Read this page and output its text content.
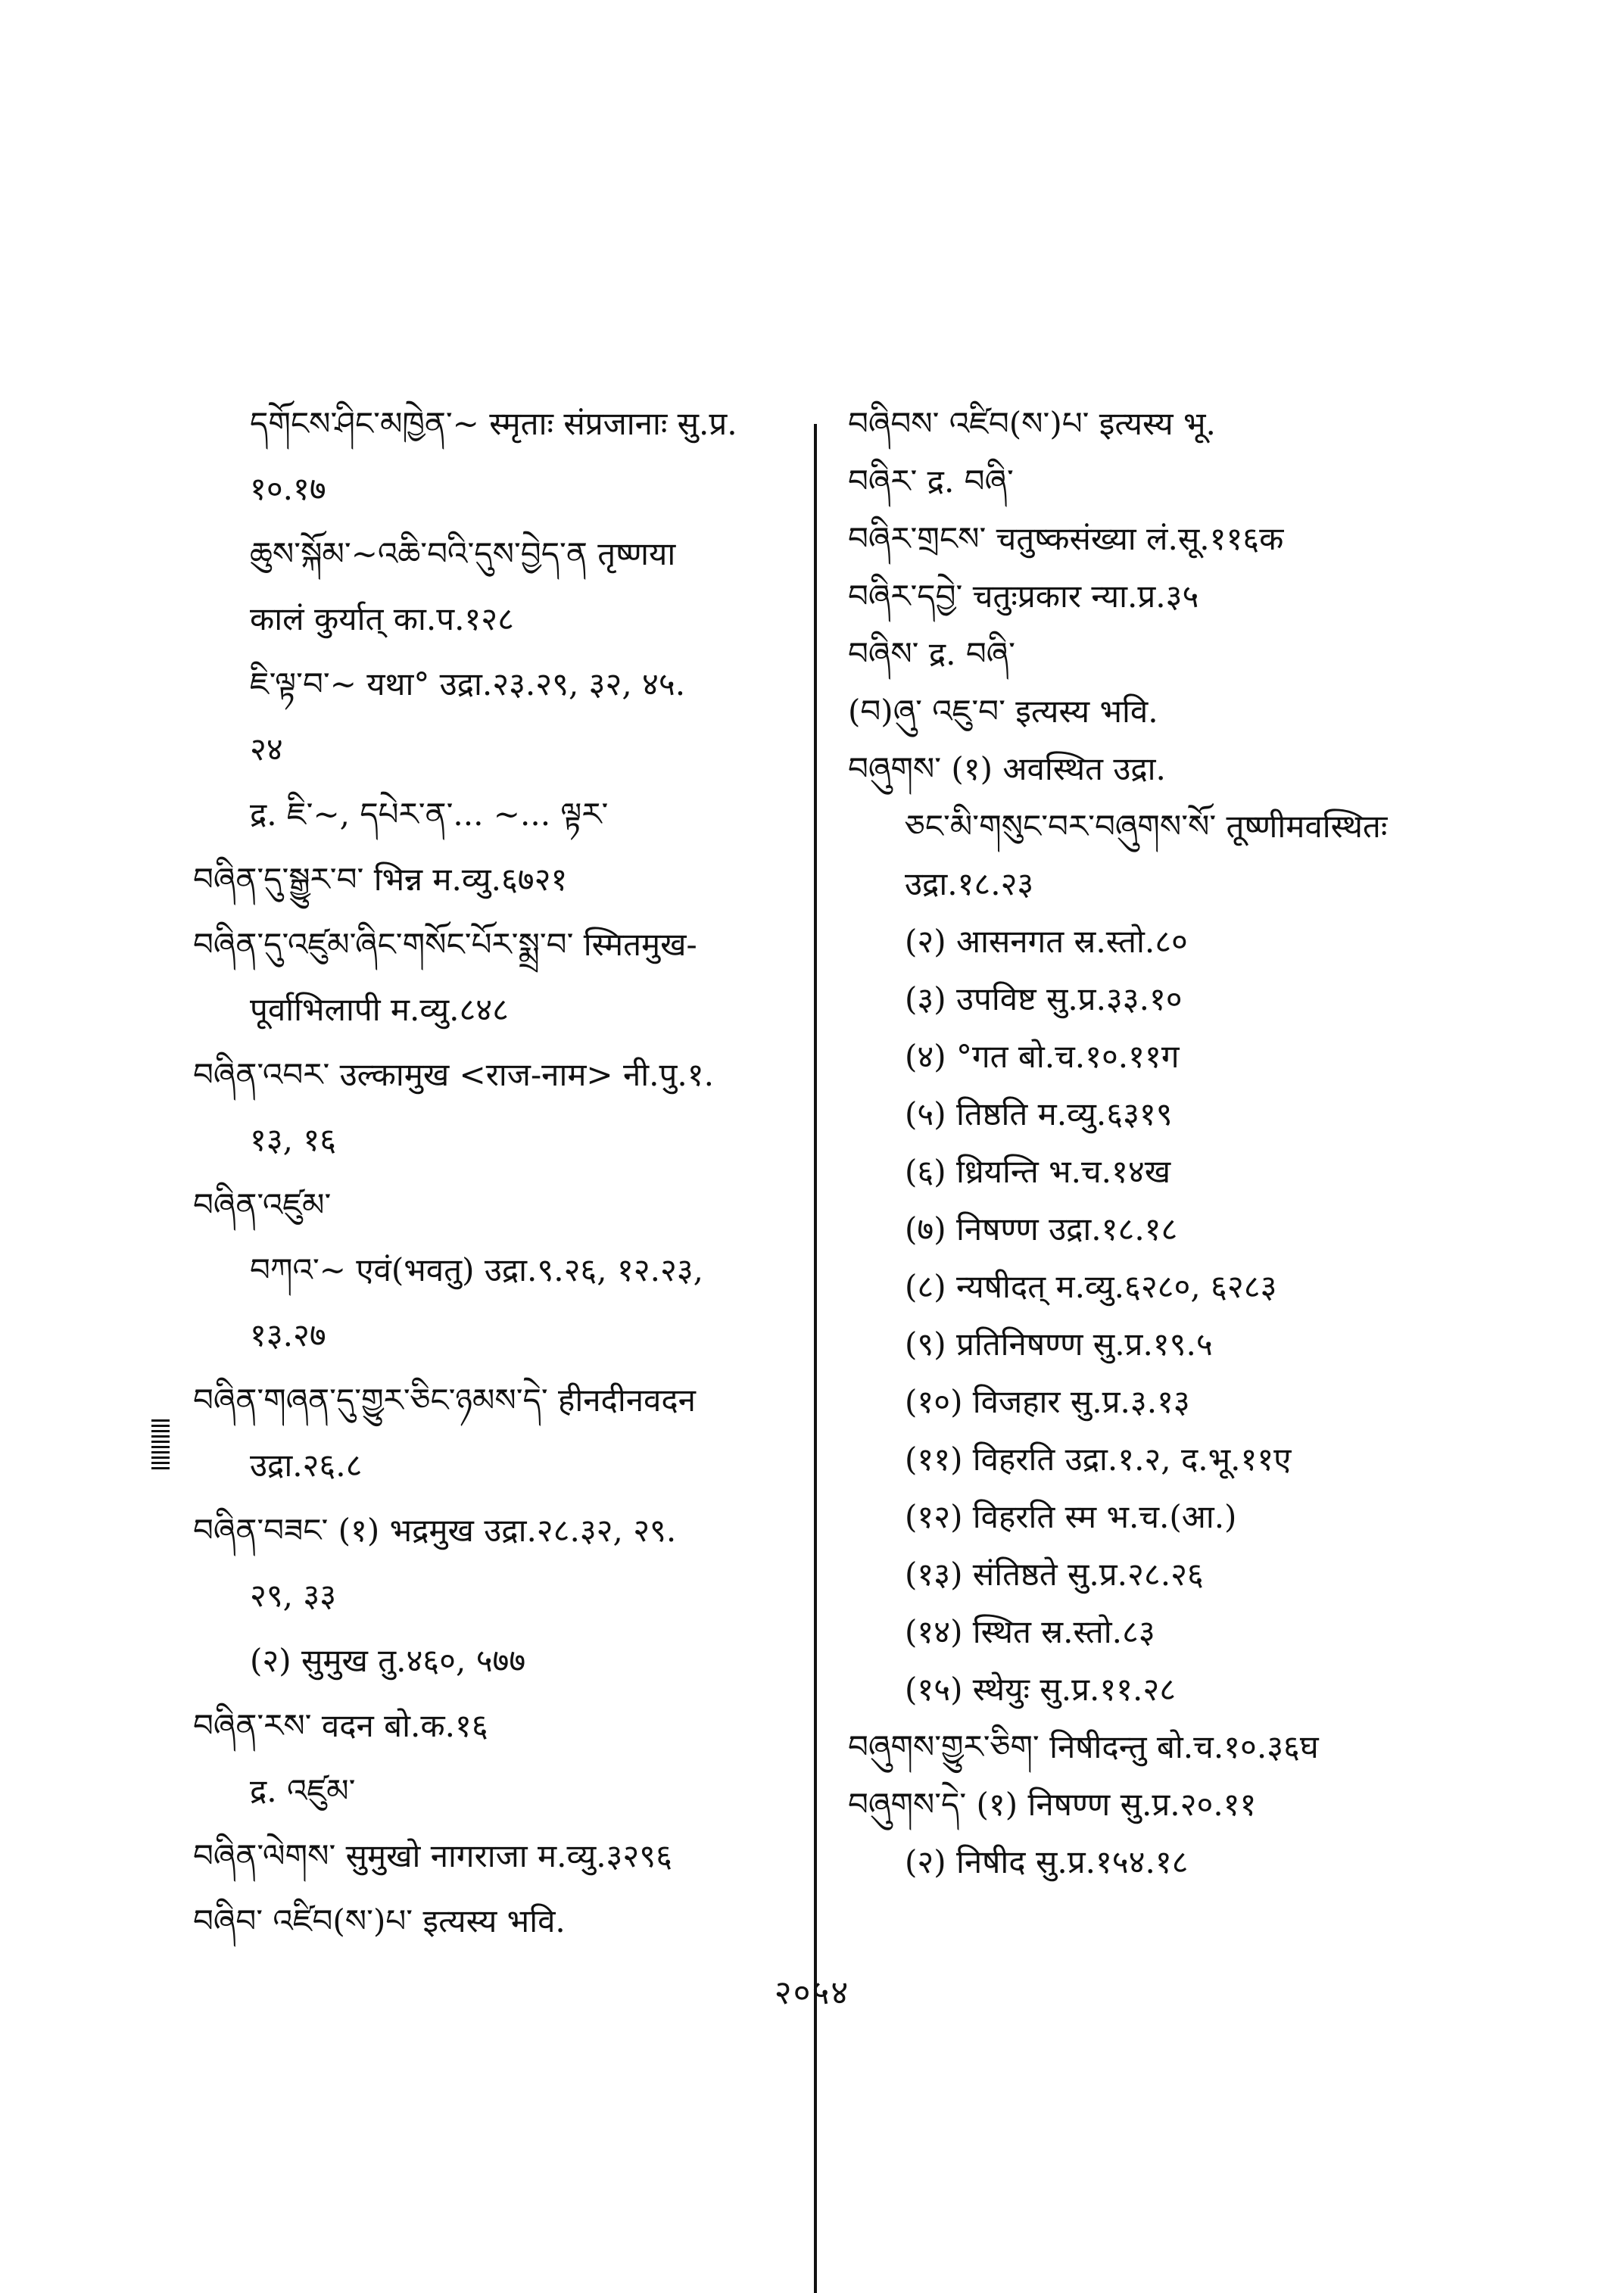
དགོངས་ཤིང་མཁྱེན་~ स्मृताः संप्रजानाः सु.प्र.
१०.१७
ཆུས་སྐོམ་~འཆི་བའི་དུས་བྱེད་ན तृष्णया
कालं कुर्यात् का.प.१२८
ཇི་ལྟ་བ་~ यथा° उद्रा.२३.२९, ३२, ४५.
२४
द्र. ཇི་~, དཔེར་ན་... ~... ལྟར་
བཞིན་དུ་སྒྱུར་བ་ भिन्न म.व्यु.६७२१
བཞིན་དུ་འཛུམ་ཞིང་གསོང་པོར་སྨྲ་བ་ स्मितमुख-
पूर्वाभिलापी म.व्यु.८४८
བཞིན་འབར་ उल्कामुख <राज-नाम> नी.पु.१.
१३, १६
བཞིན་འཛུམ་
བཀའ་~ एवं(भवतु) उद्रा.९.२६, १२.२३,
१३.२७
བཞིན་གཞན་དུ་གྱུར་ཅིང་ཉམས་དེ་ हीनदीनवदन
उद्रा.२६.८
བཞིན་བཟང་ (१) भद्रमुख उद्रा.२८.३२, २९.
२९, ३३
(२) सुमुख तु.४६०, ५७७
བཞིན་རས་ वदन बो.क.१६
द्र. འཛུམ་
བཞིན་ལེགས་ सुमुखो नागराजा म.व्यु.३२९६
བཞིབ་ འཛིབ(ས་)པ་ इत्यस्य भवि.
བཞིབས་ འཛིབ(ས་)པ་ इत्यस्य भू.
བཞིར་ द्र. བཞི་
བཞིར་གྲངས་ चतुष्कसंख्या लं.सू.११६क
བཞིར་དབྱེ་ चतुःप्रकार न्या.प्र.३५
བཞིས་ द्र. བཞི་
(བ)ཞུ་ འཇུ་བ་ इत्यस्य भवि.
བཞུགས་ (१) अवस्थित उद्रा.
ཅང་མི་གསུང་བར་བཞུགས་སོ་ तूष्णीमवस्थितः
उद्रा.१८.२३
(२) आसनगत स्र.स्तो.८०
(३) उपविष्ट सु.प्र.३३.१०
(४) °गत बो.च.१०.११ग
(५) तिष्ठति म.व्यु.६३१९
(६) ध्रियन्ति भ.च.१४ख
(७) निषण्ण उद्रा.१८.१८
(८) न्यषीदत् म.व्यु.६२८०, ६२८३
(९) प्रतिनिषण्ण सु.प्र.१९.५
(१०) विजहार सु.प्र.३.१३
(११) विहरति उद्रा.१.२, द.भू.११ए
(१२) विहरति स्म भ.च.(आ.)
(१३) संतिष्ठते सु.प्र.२८.२६
(१४) स्थित स्र.स्तो.८३
(१५) स्थेयुः सु.प्र.११.२८
བཞུགས་གྱུར་ཅིག་ निषीदन्तु बो.च.१०.३६घ
བཞུགས་དེ་ (१) निषण्ण सु.प्र.२०.११
(२) निषीद सु.प्र.१५४.१८
२०५४
